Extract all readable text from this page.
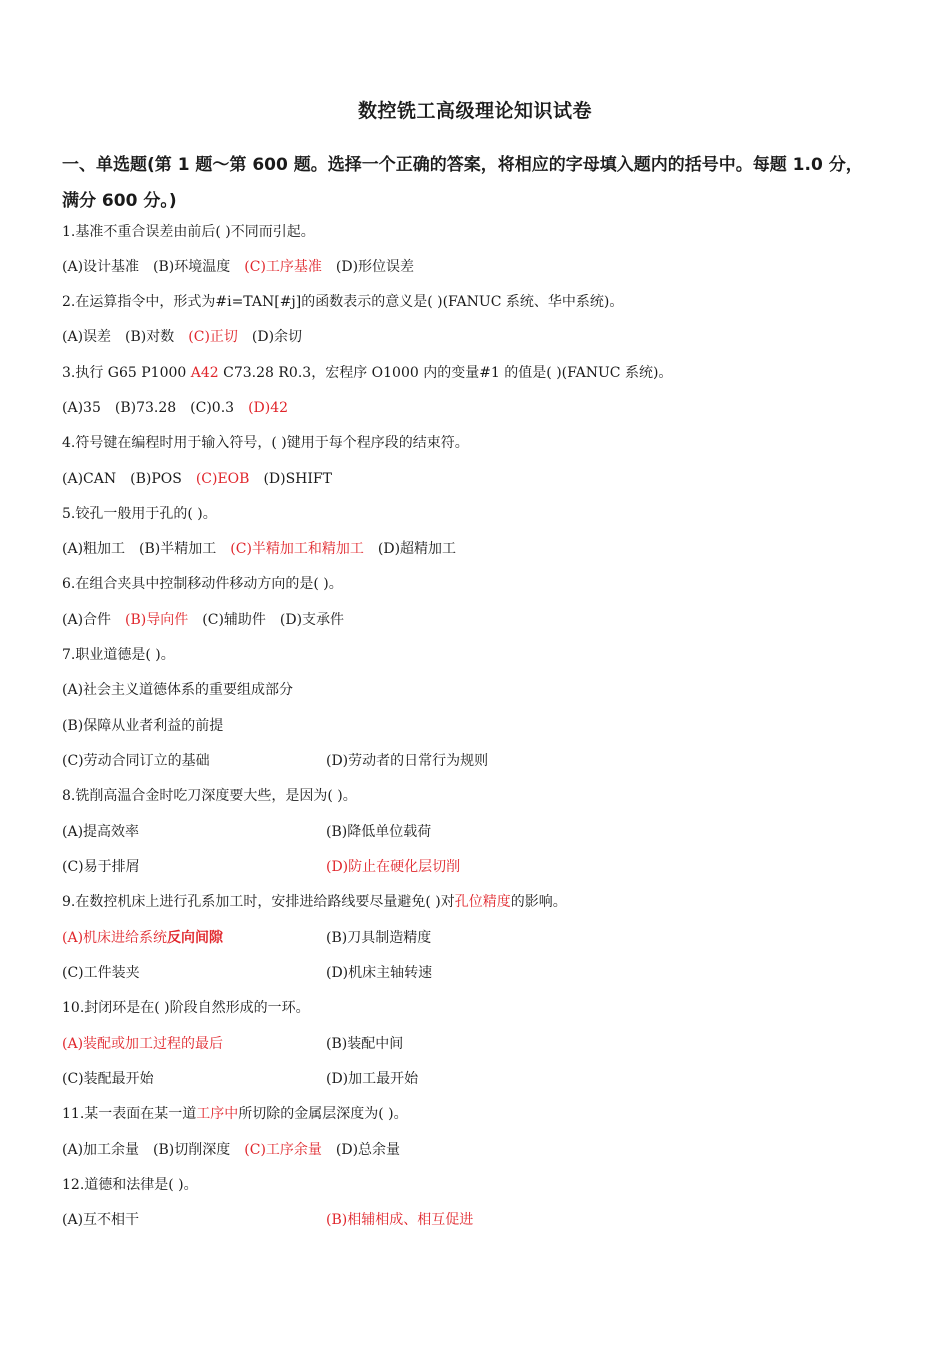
数控铣工高级理论知识试卷
一、单选题(第 1 题～第 600 题。选择一个正确的答案，将相应的字母填入题内的括号中。每题 1.0 分，
满分 600 分。)
1.基准不重合误差由前后( )不同而引起。
(A)设计基准 (B)环境温度 (C)工序基准 (D)形位误差
2.在运算指令中，形式为#i=TAN[#j]的函数表示的意义是( )(FANUC 系统、华中系统)。
(A)误差 (B)对数 (C)正切 (D)余切
3.执行 G65 P1000 A42 C73.28 R0.3，宏程序 O1000 内的变量#1 的值是( )(FANUC 系统)。
(A)35 (B)73.28 (C)0.3 (D)42
4.符号键在编程时用于输入符号，( )键用于每个程序段的结束符。
(A)CAN (B)POS (C)EOB (D)SHIFT
5.铰孔一般用于孔的( )。
(A)粗加工 (B)半精加工 (C)半精加工和精加工 (D)超精加工
6.在组合夹具中控制移动件移动方向的是( )。
(A)合件 (B)导向件 (C)辅助件 (D)支承件
7.职业道德是( )。
(A)社会主义道德体系的重要组成部分
(B)保障从业者利益的前提
(C)劳动合同订立的基础	(D)劳动者的日常行为规则
8.铣削高温合金时吃刀深度要大些，是因为( )。
(A)提高效率	(B)降低单位载荷
(C)易于排屑	(D)防止在硬化层切削
9.在数控机床上进行孔系加工时，安排进给路线要尽量避免( )对孔位精度的影响。
(A)机床进给系统反向间隙	(B)刀具制造精度
(C)工件装夹	(D)机床主轴转速
10.封闭环是在( )阶段自然形成的一环。
(A)装配或加工过程的最后	(B)装配中间
(C)装配最开始	(D)加工最开始
11.某一表面在某一道工序中所切除的金属层深度为( )。
(A)加工余量 (B)切削深度 (C)工序余量 (D)总余量
12.道德和法律是( )。
(A)互不相干	(B)相辅相成、相互促进
